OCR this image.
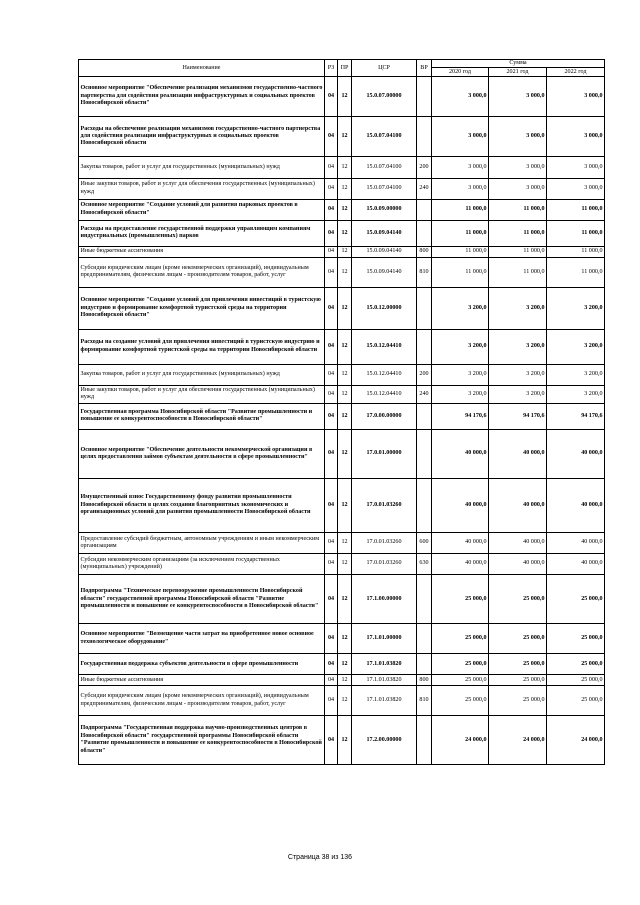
Наименование	РЗ	ПР	ЦСР	ВР	Сумма		
					2020 год	2021 год	2022 год
Основное мероприятие "Обеспечение реализации механизмов государственно-частного партнерства для содействия реализации инфраструктурных и социальных проектов Новосибирской области"	04	12	15.0.07.00000		3 000,0	3 000,0	3 000,0
Расходы на обеспечение реализации механизмов государственно-частного партнерства для содействия реализации инфраструктурных и социальных проектов Новосибирской области	04	12	15.0.07.04100		3 000,0	3 000,0	3 000,0
Закупка товаров, работ и услуг для государственных (муниципальных) нужд	04	12	15.0.07.04100	200	3 000,0	3 000,0	3 000,0
Иные закупки товаров, работ и услуг для обеспечения государственных (муниципальных) нужд	04	12	15.0.07.04100	240	3 000,0	3 000,0	3 000,0
Основное мероприятие "Создание условий для развития парковых проектов в Новосибирской области"	04	12	15.0.09.00000		11 000,0	11 000,0	11 000,0
Расходы на предоставление государственной поддержки управляющим компаниям индустриальных (промышленных) парков	04	12	15.0.09.04140		11 000,0	11 000,0	11 000,0
Иные бюджетные ассигнования	04	12	15.0.09.04140	800	11 000,0	11 000,0	11 000,0
Субсидии юридическим лицам (кроме некоммерческих организаций), индивидуальным предпринимателям, физическим лицам - производителям товаров, работ, услуг	04	12	15.0.09.04140	810	11 000,0	11 000,0	11 000,0
Основное мероприятие "Создание условий для привлечения инвестиций в туристскую индустрию и формирование комфортной туристской среды на территории Новосибирской области"	04	12	15.0.12.00000		3 200,0	3 200,0	3 200,0
Расходы на создание условий для привлечения инвестиций в туристскую индустрию и формирование комфортной туристской среды на территории Новосибирской области	04	12	15.0.12.04410		3 200,0	3 200,0	3 200,0
Закупка товаров, работ и услуг для государственных (муниципальных) нужд	04	12	15.0.12.04410	200	3 200,0	3 200,0	3 200,0
Иные закупки товаров, работ и услуг для обеспечения государственных (муниципальных) нужд	04	12	15.0.12.04410	240	3 200,0	3 200,0	3 200,0
Государственная программа Новосибирской области "Развитие промышленности и повышение ее конкурентоспособности в Новосибирской области"	04	12	17.0.00.00000		94 170,6	94 170,6	94 170,6
Основное мероприятие "Обеспечение деятельности некоммерческой организации в целях предоставления займов субъектам деятельности в сфере промышленности"	04	12	17.0.01.00000		40 000,0	40 000,0	40 000,0
Имущественный взнос Государственному фонду развития промышленности Новосибирской области в целях создания благоприятных экономических и организационных условий для развития промышленности Новосибирской области	04	12	17.0.01.03260		40 000,0	40 000,0	40 000,0
Предоставление субсидий бюджетным, автономным учреждениям и иным некоммерческим организациям	04	12	17.0.01.03260	600	40 000,0	40 000,0	40 000,0
Субсидии некоммерческим организациям (за исключением государственных (муниципальных) учреждений)	04	12	17.0.01.03260	630	40 000,0	40 000,0	40 000,0
Подпрограмма "Техническое перевооружение промышленности Новосибирской области" государственной программы Новосибирской области "Развитие промышленности и повышение ее конкурентоспособности в Новосибирской области"	04	12	17.1.00.00000		25 000,0	25 000,0	25 000,0
Основное мероприятие "Возмещение части затрат на приобретенное новое основное технологическое оборудование"	04	12	17.1.01.00000		25 000,0	25 000,0	25 000,0
Государственная поддержка субъектов деятельности в сфере промышленности	04	12	17.1.01.03820		25 000,0	25 000,0	25 000,0
Иные бюджетные ассигнования	04	12	17.1.01.03820	800	25 000,0	25 000,0	25 000,0
Субсидии юридическим лицам (кроме некоммерческих организаций), индивидуальным предпринимателям, физическим лицам - производителям товаров, работ, услуг	04	12	17.1.01.03820	810	25 000,0	25 000,0	25 000,0
Подпрограмма "Государственная поддержка научно-производственных центров в Новосибирской области" государственной программы Новосибирской области "Развитие промышленности и повышение ее конкурентоспособности в Новосибирской области"	04	12	17.2.00.00000		24 000,0	24 000,0	24 000,0
Страница 38 из 136
